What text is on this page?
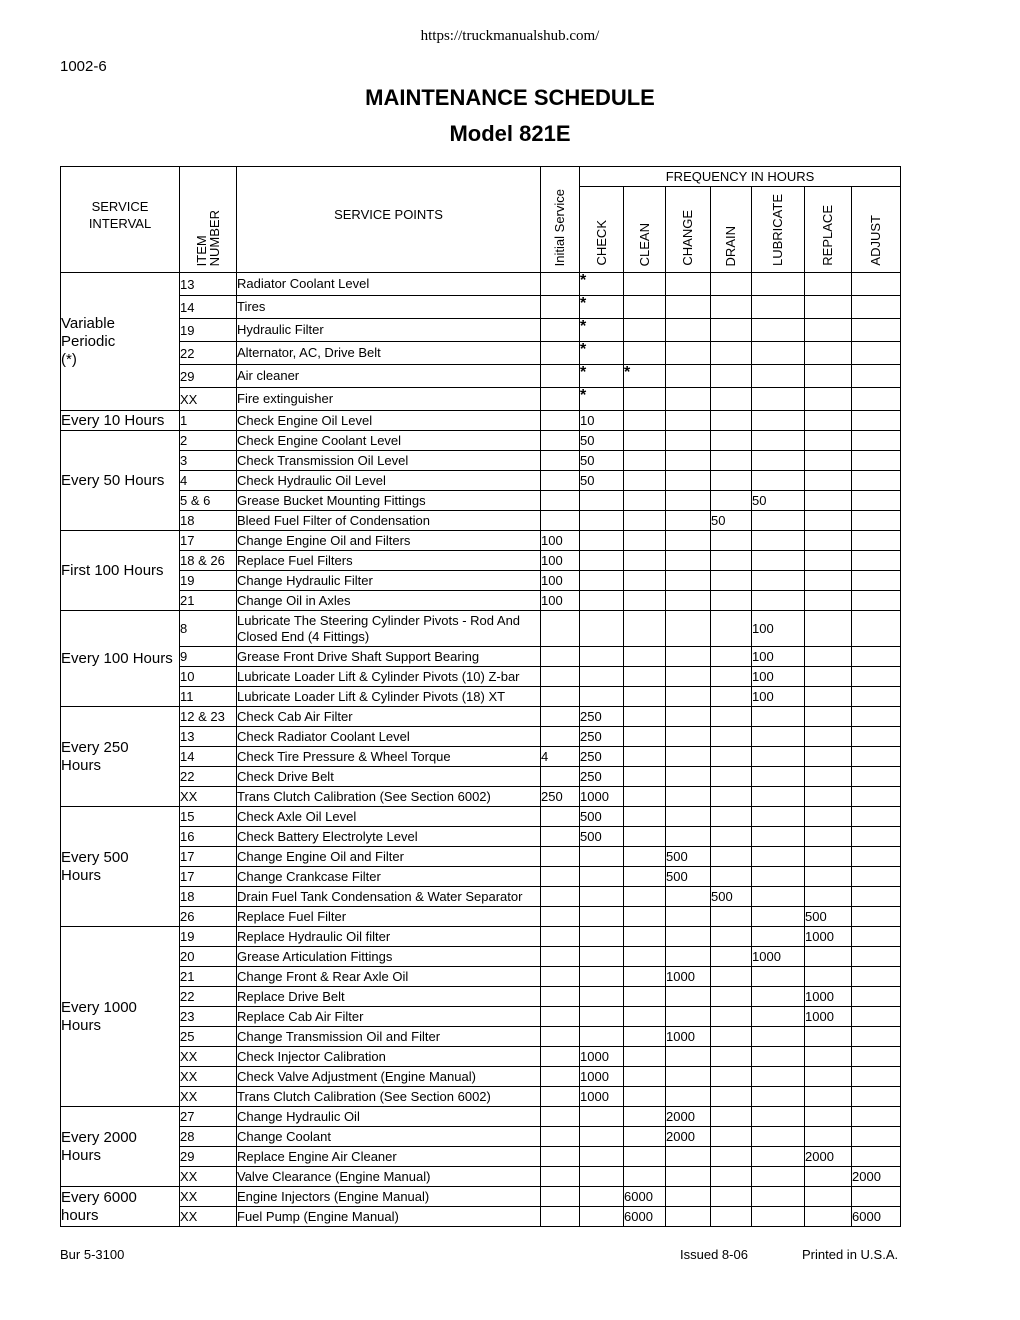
https://truckmanualshub.com/
1002-6
MAINTENANCE SCHEDULE
Model 821E
SERVICE
INTERVAL	ITEM
NUMBER	SERVICE POINTS	Initial Service	FREQUENCY IN HOURS						

				CHECK	CLEAN	CHANGE	DRAIN	LUBRICATE	REPLACE	ADJUST

Variable
Periodic
(*)	13	Radiator Coolant Level		*						
	14	Tires		*						
	19	Hydraulic Filter		*						
	22	Alternator, AC, Drive Belt		*						
	29	Air cleaner		*	*					
	XX	Fire extinguisher		*						
Every 10 Hours	1	Check Engine Oil Level		10						
Every 50 Hours	2	Check Engine Coolant Level		50						
	3	Check Transmission Oil Level		50						
	4	Check Hydraulic Oil Level		50						
	5 & 6	Grease Bucket Mounting Fittings						50		
	18	Bleed Fuel Filter of Condensation					50			
First 100 Hours	17	Change Engine Oil and Filters	100							
	18 & 26	Replace Fuel Filters	100							
	19	Change Hydraulic Filter	100							
	21	Change Oil in Axles	100							
Every 100 Hours	8	Lubricate The Steering Cylinder Pivots - Rod And Closed End (4 Fittings)						100		
	9	Grease Front Drive Shaft Support Bearing						100		
	10	Lubricate Loader Lift & Cylinder Pivots (10) Z-bar						100		
	11	Lubricate Loader Lift & Cylinder Pivots (18) XT						100		
Every 250
Hours	12 & 23	Check Cab Air Filter		250						
	13	Check Radiator Coolant Level		250						
	14	Check Tire Pressure & Wheel Torque	4	250						
	22	Check Drive Belt		250						
	XX	Trans Clutch Calibration (See Section 6002)	250	1000						
Every 500
Hours	15	Check Axle Oil Level		500						
	16	Check Battery Electrolyte Level		500						
	17	Change Engine Oil and Filter				500				
	17	Change Crankcase Filter				500				
	18	Drain Fuel Tank Condensation & Water Separator					500			
	26	Replace Fuel Filter							500	
Every 1000
Hours	19	Replace Hydraulic Oil filter							1000	
	20	Grease Articulation Fittings						1000		
	21	Change Front & Rear Axle Oil				1000				
	22	Replace Drive Belt							1000	
	23	Replace Cab Air Filter							1000	
	25	Change Transmission Oil and Filter				1000				
	XX	Check Injector Calibration		1000						
	XX	Check Valve Adjustment (Engine Manual)		1000						
	XX	Trans Clutch Calibration (See Section 6002)		1000						
Every 2000
Hours	27	Change Hydraulic Oil				2000				
	28	Change Coolant				2000				
	29	Replace Engine Air Cleaner							2000	
	XX	Valve Clearance (Engine Manual)								2000
Every 6000
hours	XX	Engine Injectors (Engine Manual)			6000					
	XX	Fuel Pump (Engine Manual)			6000					6000
Bur 5-3100	Issued 8-06	Printed in U.S.A.
